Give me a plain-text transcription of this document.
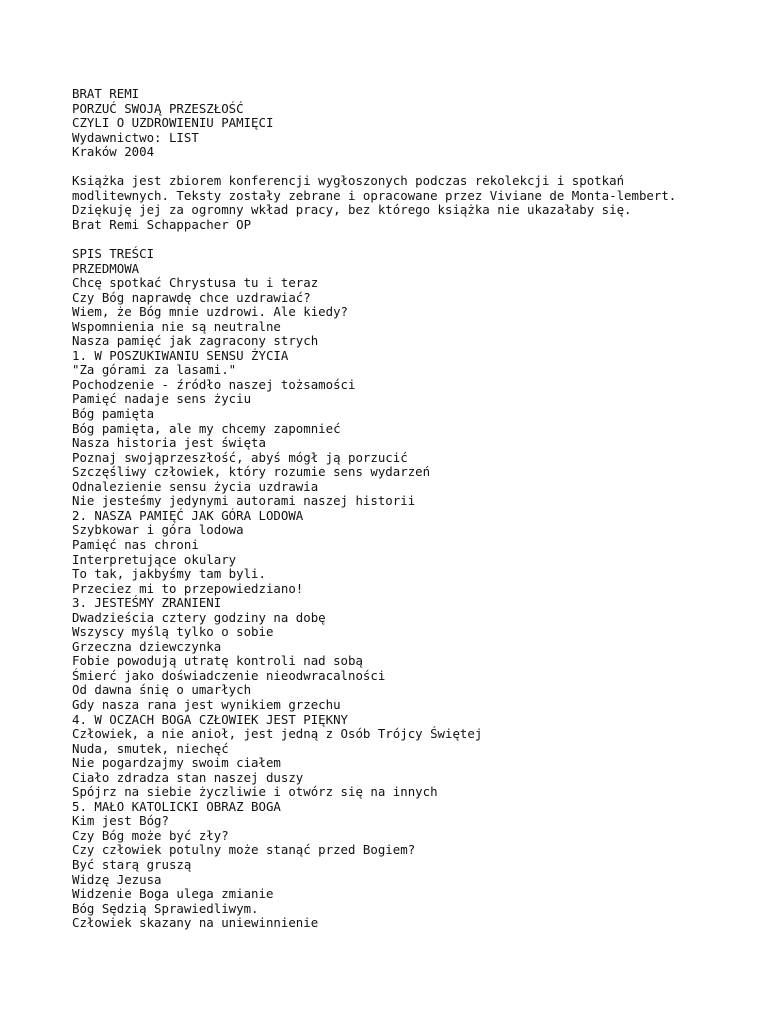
BRAT REMI
PORZUĆ SWOJĄ PRZESZŁOŚĆ
CZYLI O UZDROWIENIU PAMIĘCI
Wydawnictwo: LIST
Kraków 2004
Książka jest zbiorem konferencji wygłoszonych podczas rekolekcji i spotkań
modlitewnych. Teksty zostały zebrane i opracowane przez Viviane de Monta-lembert.
Dziękuję jej za ogromny wkład pracy, bez którego książka nie ukazałaby się.
Brat Remi Schappacher OP
SPIS TREŚCI
PRZEDMOWA
Chcę spotkać Chrystusa tu i teraz
Czy Bóg naprawdę chce uzdrawiać?
Wiem, że Bóg mnie uzdrowi. Ale kiedy?
Wspomnienia nie są neutralne
Nasza pamięć jak zagracony strych
1. W POSZUKIWANIU SENSU ŻYCIA
"Za górami za lasami."
Pochodzenie - źródło naszej tożsamości
Pamięć nadaje sens życiu
Bóg pamięta
Bóg pamięta, ale my chcemy zapomnieć
Nasza historia jest święta
Poznaj swojąprzeszłość, abyś mógł ją porzucić
Szczęśliwy człowiek, który rozumie sens wydarzeń
Odnalezienie sensu życia uzdrawia
Nie jesteśmy jedynymi autorami naszej historii
2. NASZA PAMIĘĆ JAK GÓRA LODOWA
Szybkowar i góra lodowa
Pamięć nas chroni
Interpretujące okulary
To tak, jakbyśmy tam byli.
Przeciez mi to przepowiedziano!
3. JESTEŚMY ZRANIENI
Dwadzieścia cztery godziny na dobę
Wszyscy myślą tylko o sobie
Grzeczna dziewczynka
Fobie powodują utratę kontroli nad sobą
Śmierć jako doświadczenie nieodwracalności
Od dawna śnię o umarłych
Gdy nasza rana jest wynikiem grzechu
4. W OCZACH BOGA CZŁOWIEK JEST PIĘKNY
Człowiek, a nie anioł, jest jedną z Osób Trójcy Świętej
Nuda, smutek, niechęć
Nie pogardzajmy swoim ciałem
Ciało zdradza stan naszej duszy
Spójrz na siebie życzliwie i otwórz się na innych
5. MAŁO KATOLICKI OBRAZ BOGA
Kim jest Bóg?
Czy Bóg może być zły?
Czy człowiek potulny może stanąć przed Bogiem?
Być starą gruszą
Widzę Jezusa
Widzenie Boga ulega zmianie
Bóg Sędzią Sprawiedliwym.
Człowiek skazany na uniewinnienie
